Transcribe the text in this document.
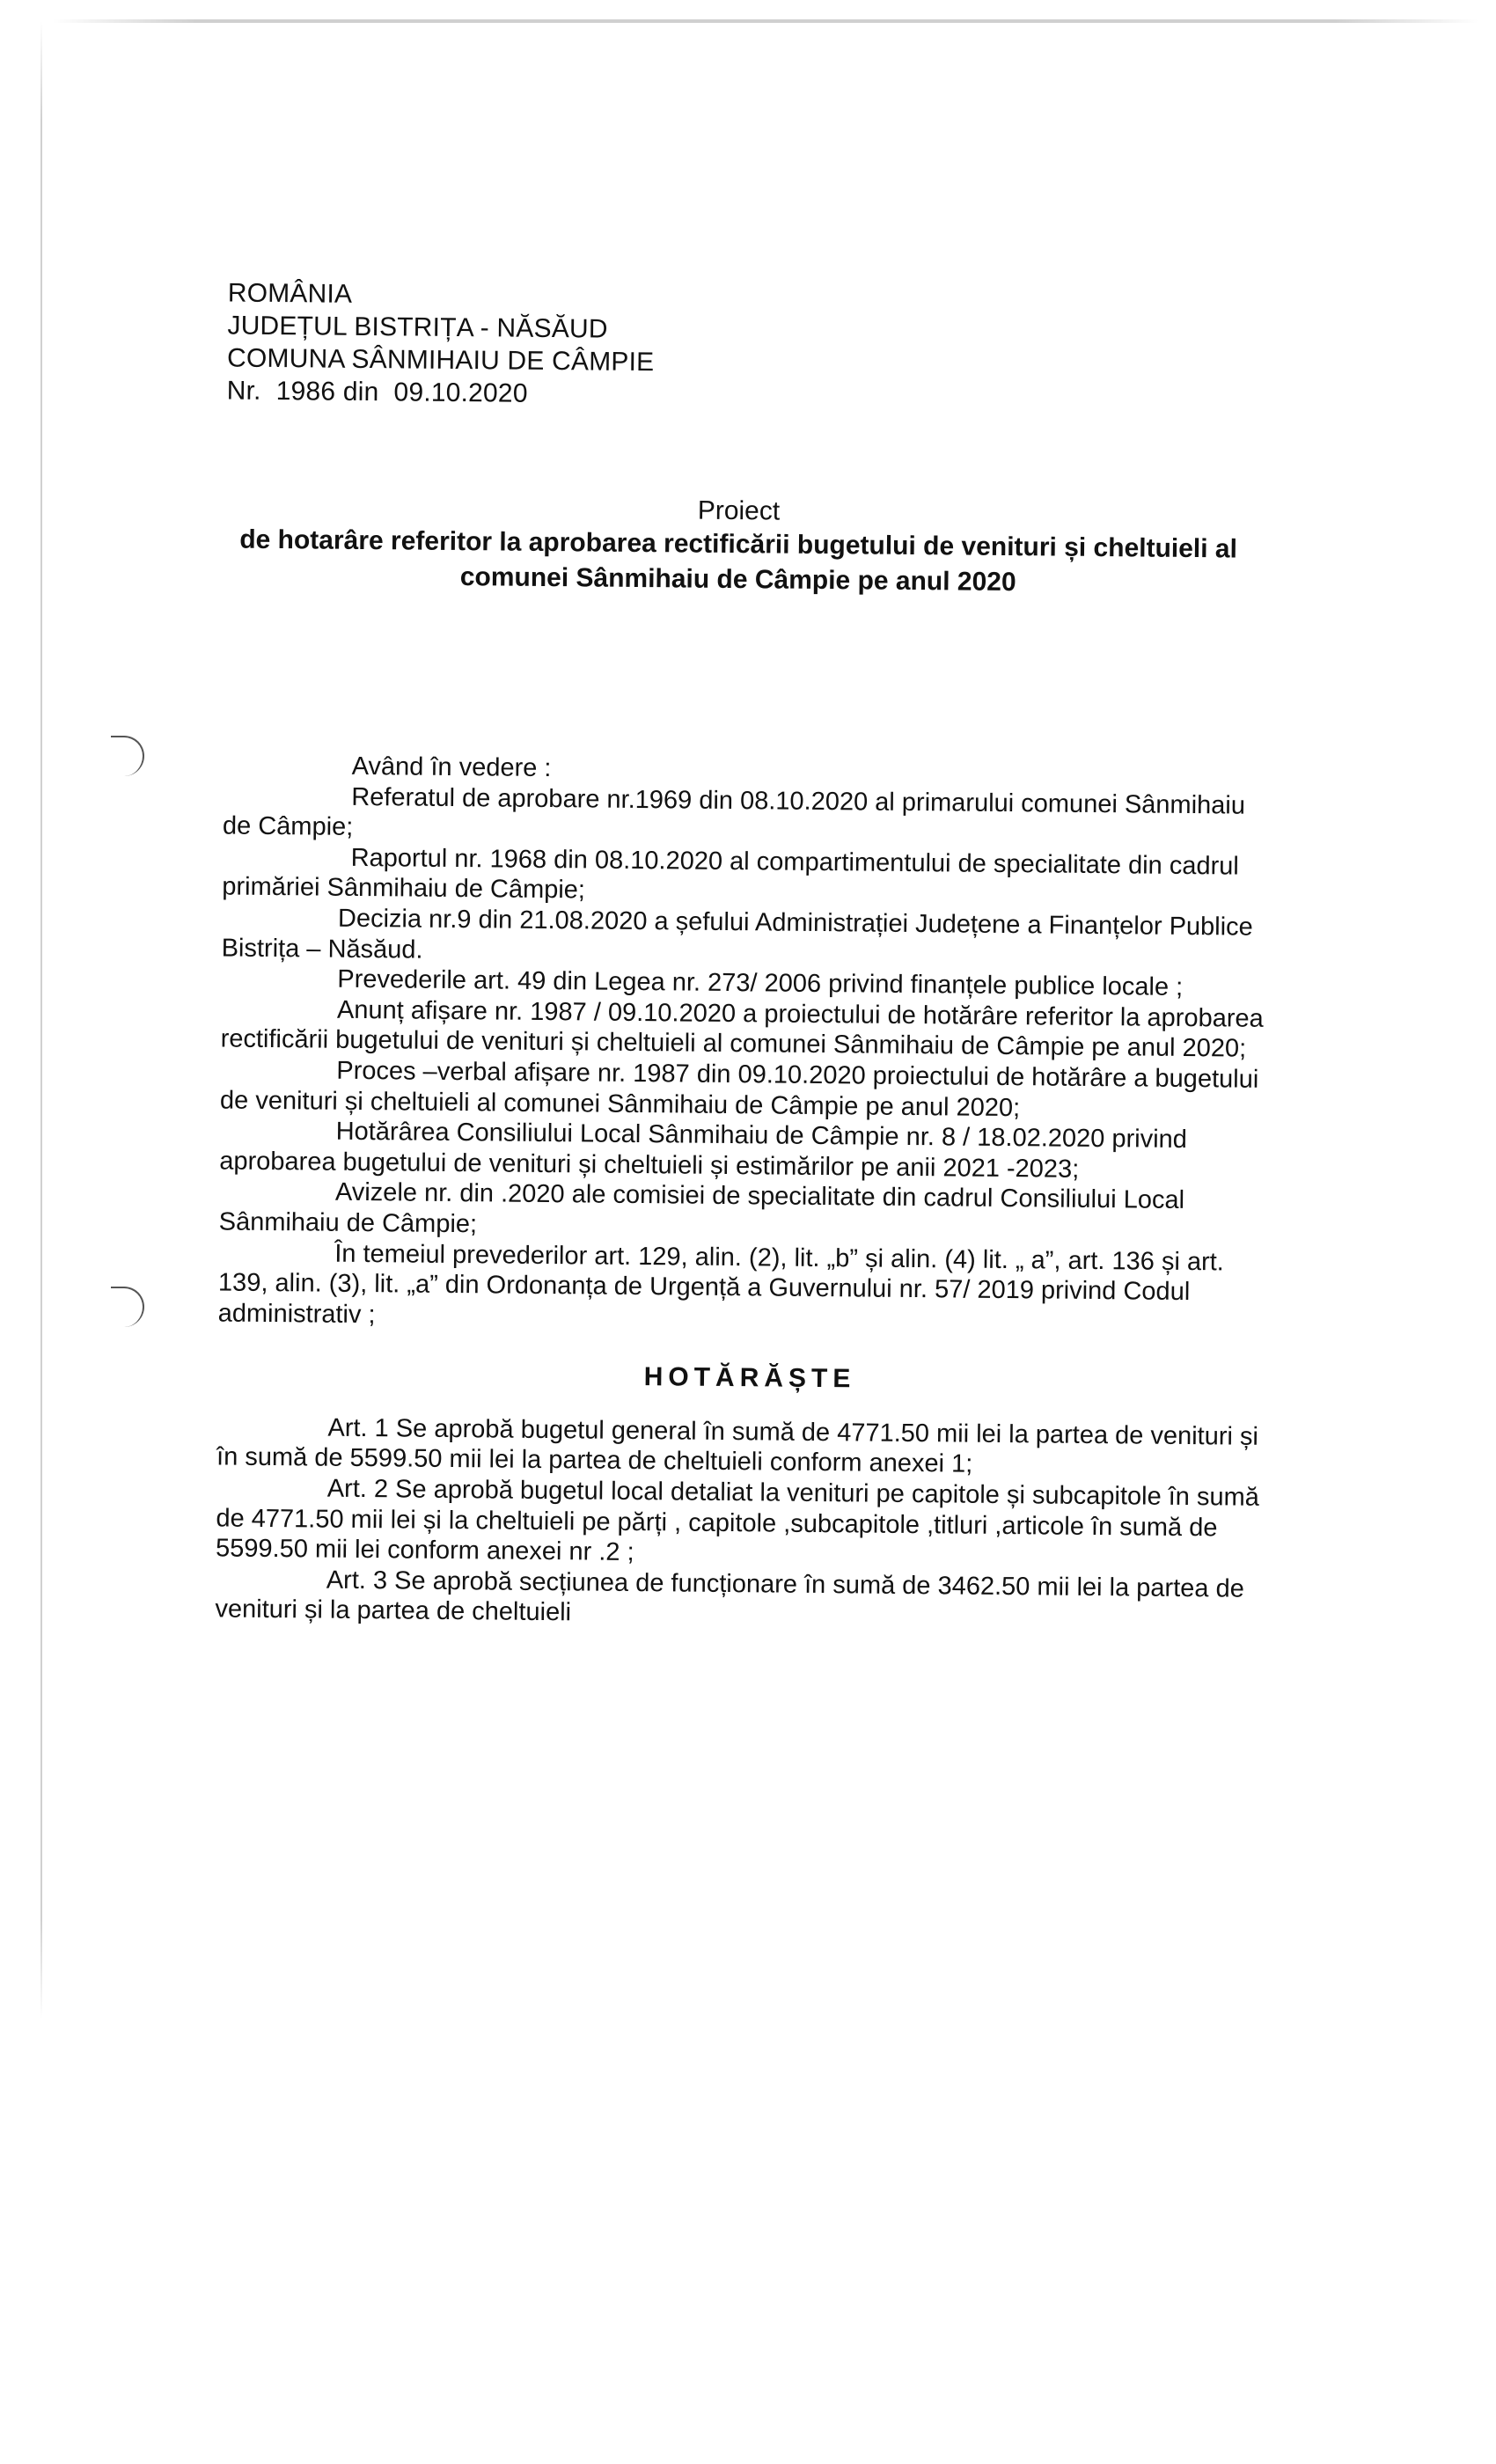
ROMÂNIA
JUDEȚUL BISTRIȚA - NĂSĂUD
COMUNA SÂNMIHAIU DE CÂMPIE
Nr.  1986 din  09.10.2020
Proiect
de hotarâre referitor la aprobarea rectificării bugetului de venituri și cheltuieli al
comunei Sânmihaiu de Câmpie pe anul 2020

Având în vedere :

Referatul de aprobare nr.1969 din 08.10.2020 al primarului comunei Sânmihaiu de Câmpie;

Raportul nr. 1968 din 08.10.2020 al compartimentului de specialitate din cadrul primăriei Sânmihaiu de Câmpie;

Decizia nr.9 din 21.08.2020 a șefului Administrației Județene a Finanțelor Publice Bistrița – Năsăud.

Prevederile art. 49 din Legea nr. 273/ 2006 privind finanțele publice locale ;

Anunț afișare nr. 1987 / 09.10.2020 a proiectului de hotărâre referitor la aprobarea rectificării bugetului de venituri și cheltuieli al comunei Sânmihaiu de Câmpie pe anul 2020;

Proces –verbal afișare nr. 1987 din 09.10.2020 proiectului de hotărâre a bugetului de venituri și cheltuieli al comunei Sânmihaiu de Câmpie pe anul 2020;

Hotărârea Consiliului Local Sânmihaiu de Câmpie nr. 8 / 18.02.2020 privind aprobarea bugetului de venituri și cheltuieli și estimărilor pe anii 2021 -2023;

Avizele nr. din .2020 ale comisiei de specialitate din cadrul Consiliului Local Sânmihaiu de Câmpie;

În temeiul prevederilor art. 129, alin. (2), lit. „b” și alin. (4) lit. „ a”, art. 136 și art. 139, alin. (3), lit. „a” din Ordonanța de Urgență a Guvernului nr. 57/ 2019 privind Codul administrativ ;

HOTĂRĂȘTE

Art. 1 Se aprobă bugetul general în sumă de 4771.50 mii lei la partea de venituri și în sumă de 5599.50 mii lei la partea de cheltuieli conform anexei 1;

Art. 2 Se aprobă bugetul local detaliat la venituri pe capitole și subcapitole în sumă de 4771.50 mii lei și la cheltuieli pe părți , capitole ,subcapitole ,titluri ,articole în sumă de 5599.50 mii lei conform anexei nr .2 ;

Art. 3 Se aprobă secțiunea de funcționare în sumă de 3462.50 mii lei la partea de venituri și la partea de cheltuieli
